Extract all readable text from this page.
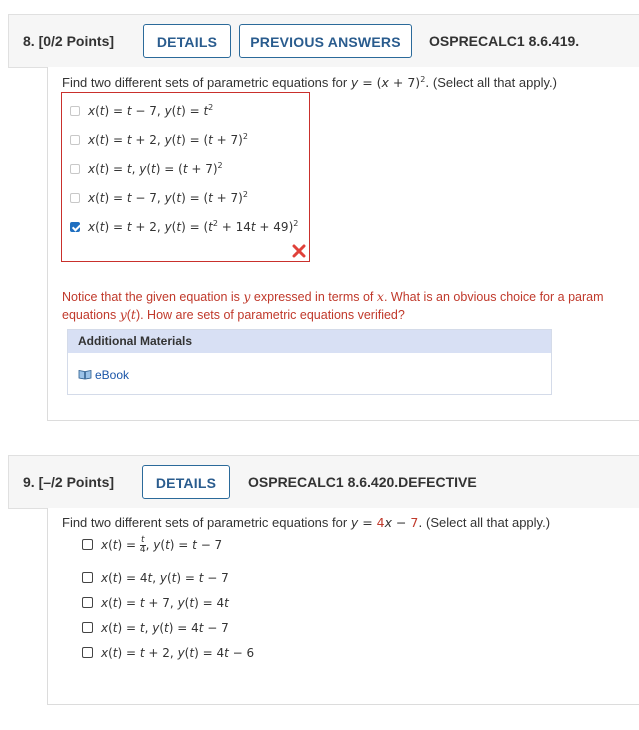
8. [0/2 Points]	DETAILS	PREVIOUS ANSWERS	OSPRECALC1 8.6.419.
Find two different sets of parametric equations for $y = (x + 7)^2$. (Select all that apply.)
x(t) = t − 7, $y(t) = t^2$
x(t) = t + 2, $y(t) = (t + 7)^2$
x(t) = t, $y(t) = (t + 7)^2$
x(t) = t − 7, $y(t) = (t + 7)^2$
x(t) = t + 2, $y(t) = (t^2 + 14t + 49)^2$
Notice that the given equation is y expressed in terms of x. What is an obvious choice for a param
equations y(t). How are sets of parametric equations verified?
Additional Materials
eBook
9. [–/2 Points]	DETAILS	OSPRECALC1 8.6.420.DEFECTIVE
Find two different sets of parametric equations for y = 4x − 7. (Select all that apply.)
$x(t) = \frac{t}{4}$ , y(t) = t − 7
x(t) = 4t, y(t) = t − 7
x(t) = t + 7, y(t) = 4t
x(t) = t, y(t) = 4t − 7
x(t) = t + 2, y(t) = 4t − 6
